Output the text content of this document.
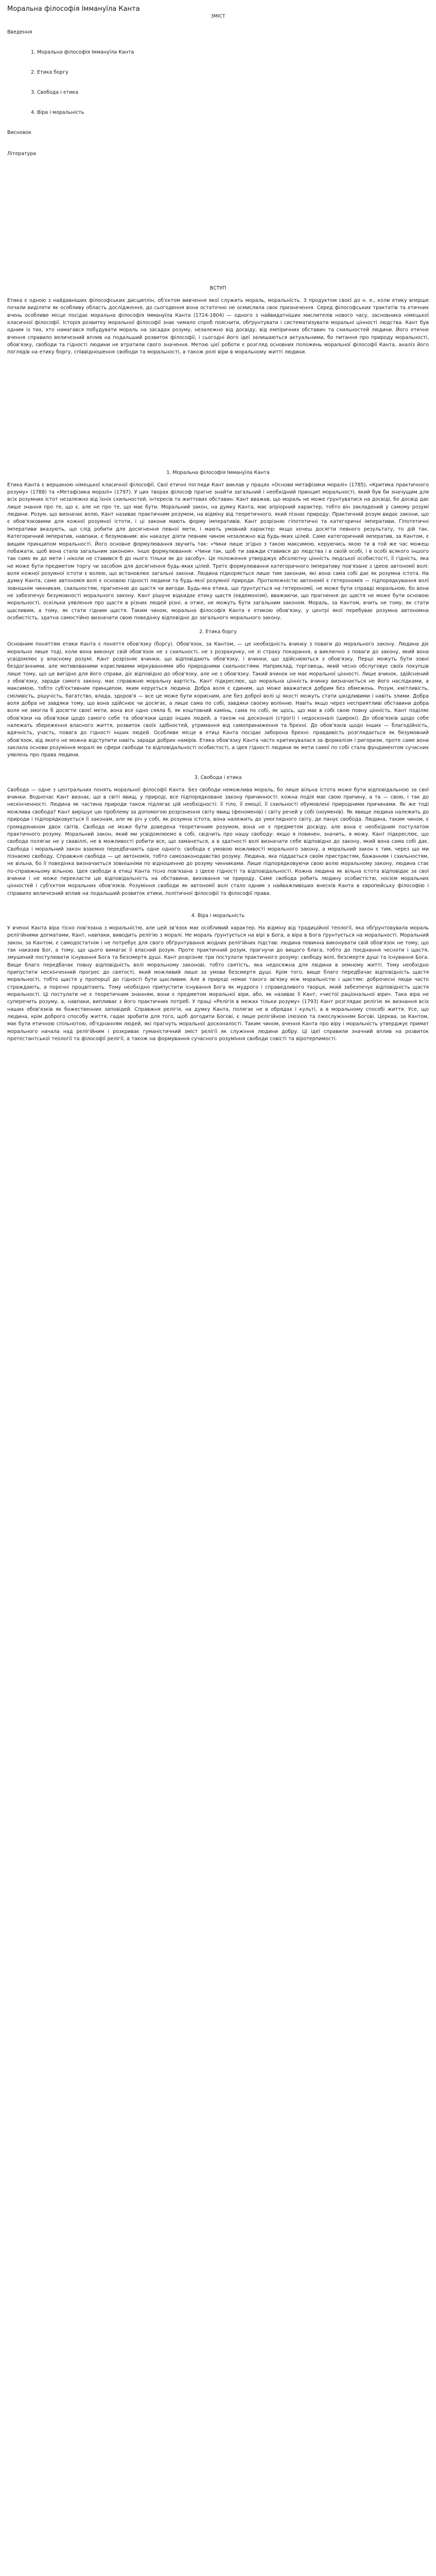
Моральна філософія Іммануїла Канта

ЗМІСТ

Введення

1. Моральна філософія Іммануїла Канта
2. Етика боргу
3. Свобода і етика
4. Віра і моральність

Висновок

Література

ВСТУП

Етика є одною з найдавніших філософських дисциплін, об'єктом вивчення якої служить мораль, моральність. З продуктом своєї до н. е., коли етику вперше почали виділяти як особливу область дослідження, до сьогодення вона остаточно не осмислила своє призначення. Серед філософських трактатів та етичних вчень особливе місце посідає моральна філософія Іммануїла Канта (1724-1804) — одного з найвидатніших мислителів нового часу, засновника німецької класичної філософії. Історія розвитку моральної філософії знає чимало спроб пояснити, обґрунтувати і систематизувати моральні цінності людства. Кант був одним із тих, хто намагався побудувати мораль на засадах розуму, незалежно від досвіду, від емпіричних обставин та схильностей людини. Його етичне вчення справило величезний вплив на подальший розвиток філософії, і сьогодні його ідеї залишаються актуальними, бо питання про природу моральності, обов'язку, свободи та гідності людини не втратили свого значення. Метою цієї роботи є розгляд основних положень моральної філософії Канта, аналіз його поглядів на етику боргу, співвідношення свободи та моральності, а також ролі віри в моральному житті людини.

1. Моральна філософія Іммануїла Канта

Етика Канта є вершиною німецької класичної філософії. Свої етичні погляди Кант виклав у працях «Основи метафізики моралі» (1785), «Критика практичного розуму» (1788) та «Метафізика моралі» (1797). У цих творах філософ прагне знайти загальний і необхідний принцип моральності, який був би значущим для всіх розумних істот незалежно від їхніх схильностей, інтересів та життєвих обставин. Кант вважав, що мораль не може ґрунтуватися на досвіді, бо досвід дає лише знання про те, що є, але не про те, що має бути. Моральний закон, на думку Канта, має апріорний характер, тобто він закладений у самому розумі людини. Розум, що визначає волю, Кант називає практичним розумом, на відміну від теоретичного, який пізнає природу. Практичний розум видає закони, що є обов'язковими для кожної розумної істоти, і ці закони мають форму імперативів. Кант розрізняє гіпотетичні та категоричні імперативи. Гіпотетичні імперативи вказують, що слід робити для досягнення певної мети, і мають умовний характер: якщо хочеш досягти певного результату, то дій так. Категоричний імператив, навпаки, є безумовним: він наказує діяти певним чином незалежно від будь-яких цілей. Саме категоричний імператив, за Кантом, є вищим принципом моральності. Його основне формулювання звучить так: «Чини лише згідно з такою максимою, керуючись якою ти в той же час можеш побажати, щоб вона стала загальним законом». Інше формулювання: «Чини так, щоб ти завжди ставився до людства і в своїй особі, і в особі всякого іншого так само як до мети і ніколи не ставився б до нього тільки як до засобу». Це положення утверджує абсолютну цінність людської особистості, її гідність, яка не може бути предметом торгу чи засобом для досягнення будь-яких цілей. Третє формулювання категоричного імперативу пов'язане з ідеєю автономії волі: воля кожної розумної істоти є волею, що встановлює загальні закони. Людина підкоряється лише тим законам, які вона сама собі дає як розумна істота. На думку Канта, саме автономія волі є основою гідності людини та будь-якої розумної природи. Протилежністю автономії є гетерономія — підпорядкування волі зовнішнім чинникам, схильностям, прагненню до щастя чи вигоди. Будь-яка етика, що ґрунтується на гетерономії, не може бути справді моральною, бо вона не забезпечує безумовності морального закону. Кант рішуче відкидає етику щастя (евдемонізм), вважаючи, що прагнення до щастя не може бути основою моральності, оскільки уявлення про щастя в різних людей різні, а отже, не можуть бути загальним законом. Мораль, за Кантом, вчить не тому, як стати щасливим, а тому, як стати гідним щастя. Таким чином, моральна філософія Канта є етикою обов'язку, у центрі якої перебуває розумна автономна особистість, здатна самостійно визначати свою поведінку відповідно до загального морального закону.

2. Етика боргу

Основним поняттям етики Канта є поняття обов'язку (боргу). Обов'язок, за Кантом, — це необхідність вчинку з поваги до морального закону. Людина діє морально лише тоді, коли вона виконує свій обов'язок не з схильності, не з розрахунку, не зі страху покарання, а виключно з поваги до закону, який вона усвідомлює у власному розумі. Кант розрізняє вчинки, що відповідають обов'язку, і вчинки, що здійснюються з обов'язку. Перші можуть бути зовні бездоганними, але мотивованими корисливими міркуваннями або природними схильностями. Наприклад, торговець, який чесно обслуговує своїх покупців лише тому, що це вигідно для його справи, діє відповідно до обов'язку, але не з обов'язку. Такий вчинок не має моральної цінності. Лише вчинок, здійснений з обов'язку, заради самого закону, має справжню моральну вартість. Кант підкреслює, що моральна цінність вчинку визначається не його наслідками, а максимою, тобто суб'єктивним принципом, яким керується людина. Добра воля є єдиним, що може вважатися добрим без обмежень. Розум, кмітливість, сміливість, рішучість, багатство, влада, здоров'я — все це може бути корисним, але без доброї волі ці якості можуть стати шкідливими і навіть злими. Добра воля добра не завдяки тому, що вона здійснює чи досягає, а лише сама по собі, завдяки своєму волінню. Навіть якщо через несприятливі обставини добра воля не змогла б досягти своєї мети, вона все одно сяяла б, як коштовний камінь, сама по собі, як щось, що має в собі свою повну цінність. Кант поділяє обов'язки на обов'язки щодо самого себе та обов'язки щодо інших людей, а також на досконалі (строгі) і недосконалі (широкі). До обов'язків щодо себе належать збереження власного життя, розвиток своїх здібностей, утримання від самоприниження та брехні. До обов'язків щодо інших — благодійність, вдячність, участь, повага до гідності інших людей. Особливе місце в етиці Канта посідає заборона брехні: правдивість розглядається як безумовний обов'язок, від якого не можна відступити навіть заради добрих намірів. Етика обов'язку Канта часто критикувалася за формалізм і ригоризм, проте саме вона заклала основи розуміння моралі як сфери свободи та відповідальності особистості, а ідея гідності людини як мети самої по собі стала фундаментом сучасних уявлень про права людини.

3. Свобода і етика

Свобода — одне з центральних понять моральної філософії Канта. Без свободи неможлива мораль, бо лише вільна істота може бути відповідальною за свої вчинки. Водночас Кант визнає, що в світі явищ, у природі, все підпорядковане закону причинності: кожна подія має свою причину, а та — свою, і так до нескінченності. Людина як частина природи також підлягає цій необхідності: її тіло, її емоції, її схильності обумовлені природними причинами. Як же тоді можлива свобода? Кант вирішує цю проблему за допомогою розрізнення світу явищ (феноменів) і світу речей у собі (ноуменів). Як явище людина належить до природи і підпорядковується її законам, але як річ у собі, як розумна істота, вона належить до умоглядного світу, де панує свобода. Людина, таким чином, є громадянином двох світів. Свобода не може бути доведена теоретичним розумом, вона не є предметом досвіду, але вона є необхідним постулатом практичного розуму. Моральний закон, який ми усвідомлюємо в собі, свідчить про нашу свободу: якщо я повинен, значить, я можу. Кант підкреслює, що свобода полягає не у свавіллі, не в можливості робити все, що заманеться, а в здатності волі визначати себе відповідно до закону, який вона сама собі дає. Свобода і моральний закон взаємно передбачають одне одного: свобода є умовою можливості морального закону, а моральний закон є тим, через що ми пізнаємо свободу. Справжня свобода — це автономія, тобто самозаконодавство розуму. Людина, яка піддається своїм пристрастям, бажанням і схильностям, не вільна, бо її поведінка визначається зовнішніми по відношенню до розуму чинниками. Лише підпорядковуючи свою волю моральному закону, людина стає по-справжньому вільною. Ідея свободи в етиці Канта тісно пов'язана з ідеєю гідності та відповідальності. Кожна людина як вільна істота відповідає за свої вчинки і не може перекласти цю відповідальність на обставини, виховання чи природу. Саме свобода робить людину особистістю, носієм моральних цінностей і суб'єктом моральних обов'язків. Розуміння свободи як автономії волі стало одним з найважливіших внесків Канта в європейську філософію і справило величезний вплив на подальший розвиток етики, політичної філософії та філософії права.

4. Віра і моральність

У вченні Канта віра тісно пов'язана з моральністю, але цей зв'язок має особливий характер. На відміну від традиційної теології, яка обґрунтовувала мораль релігійними догматами, Кант, навпаки, виводить релігію з моралі. Не мораль ґрунтується на вірі в Бога, а віра в Бога ґрунтується на моральності. Моральний закон, за Кантом, є самодостатнім і не потребує для свого обґрунтування жодних релігійних підстав: людина повинна виконувати свій обов'язок не тому, що так наказав Бог, а тому, що цього вимагає її власний розум. Проте практичний розум, прагнучи до вищого блага, тобто до поєднання чесноти і щастя, змушений постулювати існування Бога та безсмертя душі. Кант розрізняє три постулати практичного розуму: свободу волі, безсмертя душі та існування Бога. Вище благо передбачає повну відповідність волі моральному законові, тобто святість, яка недосяжна для людини в земному житті. Тому необхідно припустити нескінченний прогрес до святості, який можливий лише за умови безсмертя душі. Крім того, вище благо передбачає відповідність щастя моральності, тобто щастя у пропорції до гідності бути щасливим. Але в природі немає такого зв'язку між моральністю і щастям: доброчесні люди часто страждають, а порочні процвітають. Тому необхідно припустити існування Бога як мудрого і справедливого творця, який забезпечує відповідність щастя моральності. Ці постулати не є теоретичним знанням, вони є предметом моральної віри, або, як називає її Кант, «чистої раціональної віри». Така віра не суперечить розуму, а, навпаки, випливає з його практичних потреб. У праці «Релігія в межах тільки розуму» (1793) Кант розглядає релігію як визнання всіх наших обов'язків як божественних заповідей. Справжня релігія, на думку Канта, полягає не в обрядах і культі, а в моральному способі життя. Усе, що людина, крім доброго способу життя, гадає зробити для того, щоб догодити Богові, є лише релігійною ілюзією та лжеслужінням Богові. Церква, за Кантом, має бути етичною спільнотою, об'єднанням людей, які прагнуть моральної досконалості. Таким чином, вчення Канта про віру і моральність утверджує примат морального начала над релігійним і розкриває гуманістичний зміст релігії як служіння людини добру. Ці ідеї справили значний вплив на розвиток протестантської теології та філософії релігії, а також на формування сучасного розуміння свободи совісті та віротерпимості.
